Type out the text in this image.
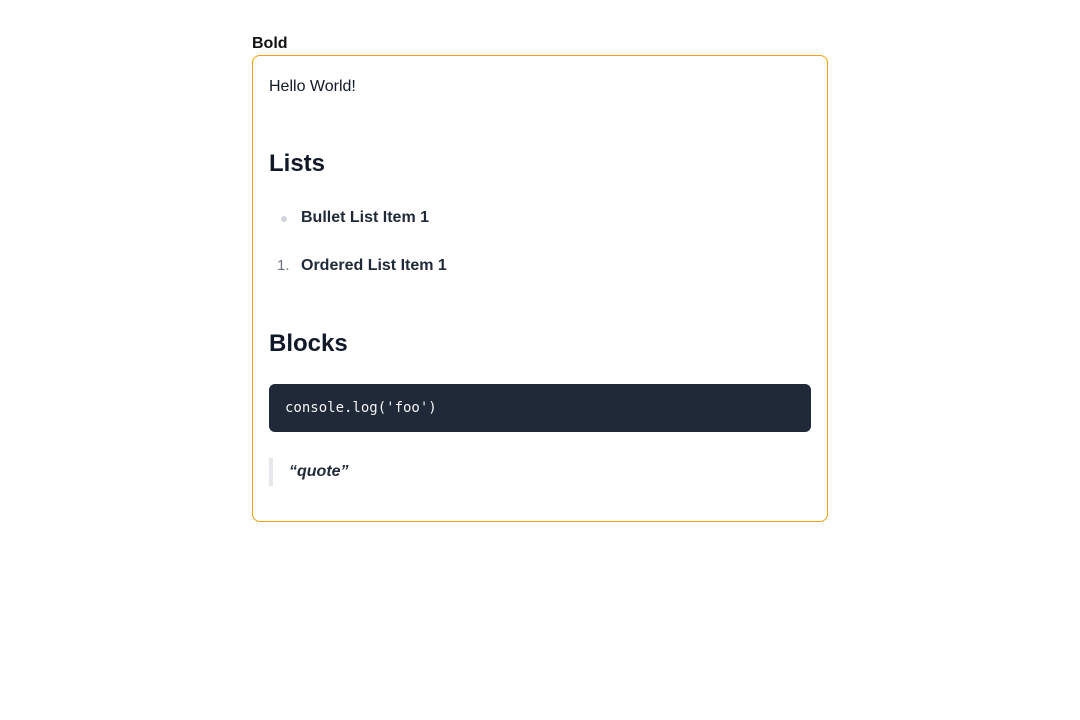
Bold
Hello World!
Lists
Bullet List Item 1
1. Ordered List Item 1
Blocks
console.log('foo')
“quote”
